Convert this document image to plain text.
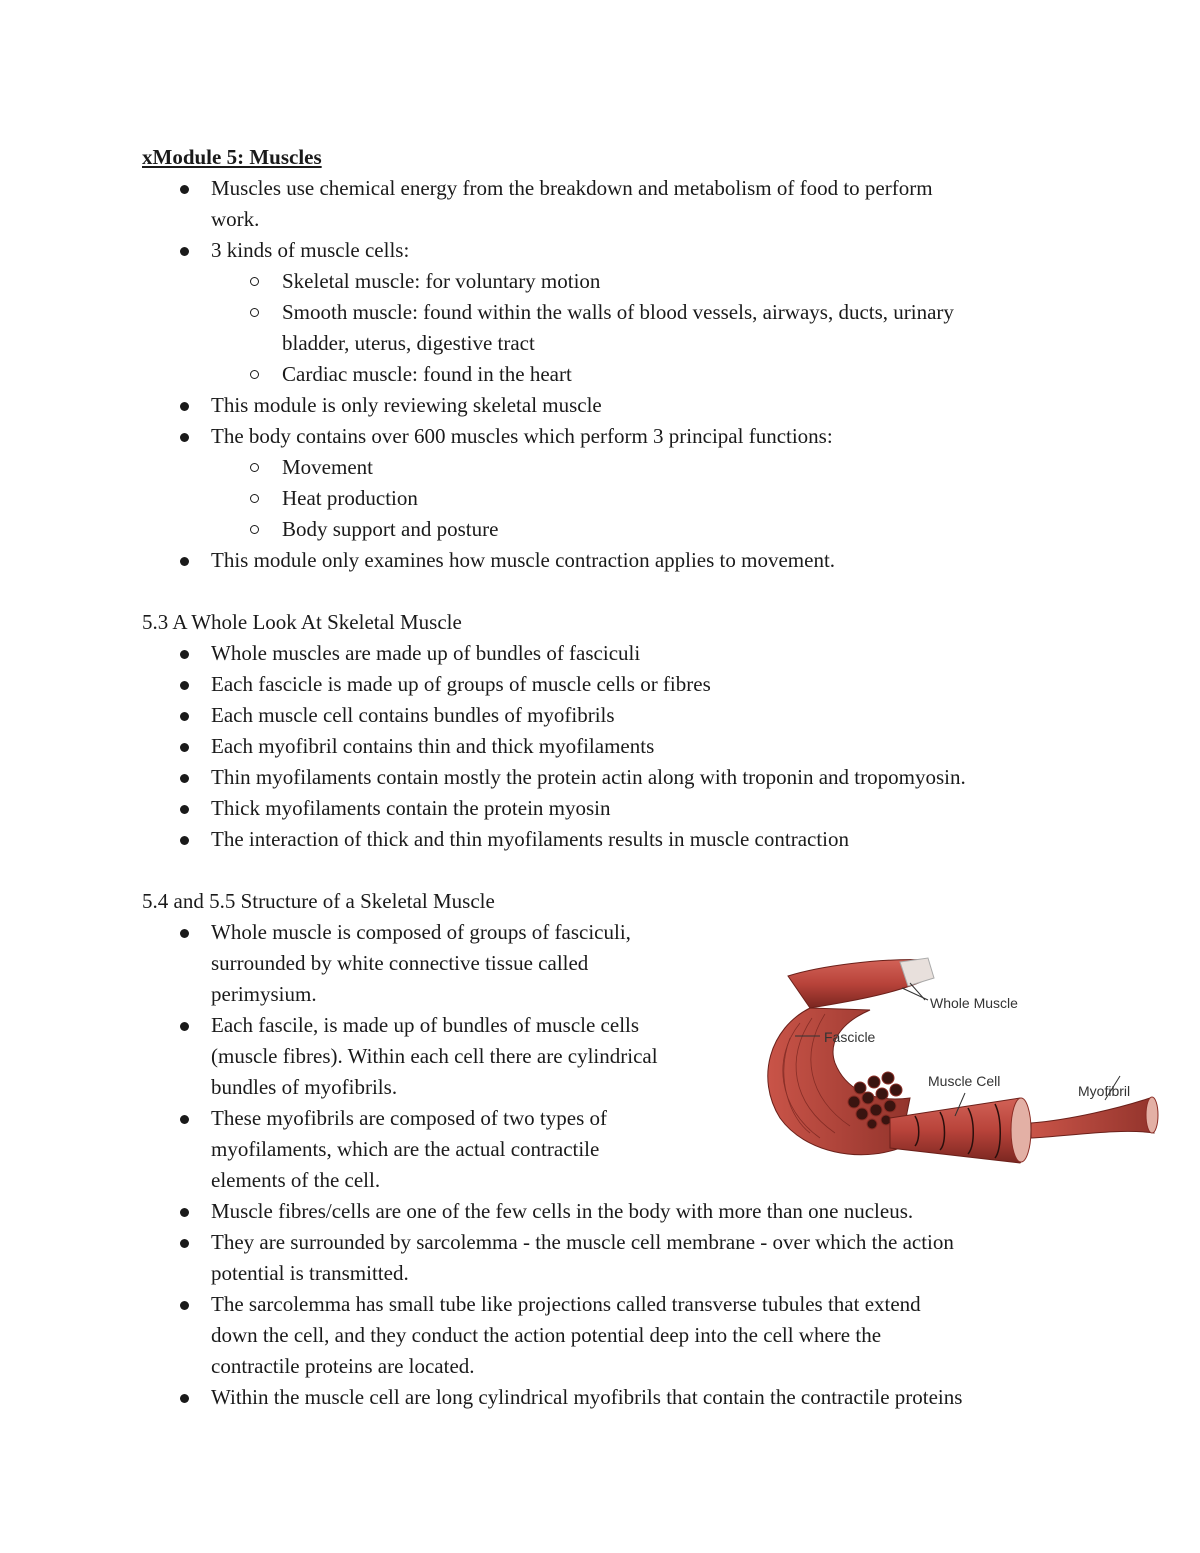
xModule 5: Muscles
Muscles use chemical energy from the breakdown and metabolism of food to perform
work.
3 kinds of muscle cells:
Skeletal muscle: for voluntary motion
Smooth muscle: found within the walls of blood vessels, airways, ducts, urinary
bladder, uterus, digestive tract
Cardiac muscle: found in the heart
This module is only reviewing skeletal muscle
The body contains over 600 muscles which perform 3 principal functions:
Movement
Heat production
Body support and posture
This module only examines how muscle contraction applies to movement.
5.3 A Whole Look At Skeletal Muscle
Whole muscles are made up of bundles of fasciculi
Each fascicle is made up of groups of muscle cells or fibres
Each muscle cell contains bundles of myofibrils
Each myofibril contains thin and thick myofilaments
Thin myofilaments contain mostly the protein actin along with troponin and tropomyosin.
Thick myofilaments contain the protein myosin
The interaction of thick and thin myofilaments results in muscle contraction
5.4 and 5.5 Structure of a Skeletal Muscle
Whole muscle is composed of groups of fasciculi,
surrounded by white connective tissue called
perimysium.
Each fascile, is made up of bundles of muscle cells
(muscle fibres). Within each cell there are cylindrical
bundles of myofibrils.
These myofibrils are composed of two types of
myofilaments, which are the actual contractile
elements of the cell.
Muscle fibres/cells are one of the few cells in the body with more than one nucleus.
They are surrounded by sarcolemma - the muscle cell membrane - over which the action
potential is transmitted.
The sarcolemma has small tube like projections called transverse tubules that extend
down the cell, and they conduct the action potential deep into the cell where the
contractile proteins are located.
Within the muscle cell are long cylindrical myofibrils that contain the contractile proteins
Whole Muscle
Fascicle
Muscle Cell
Myofibril
